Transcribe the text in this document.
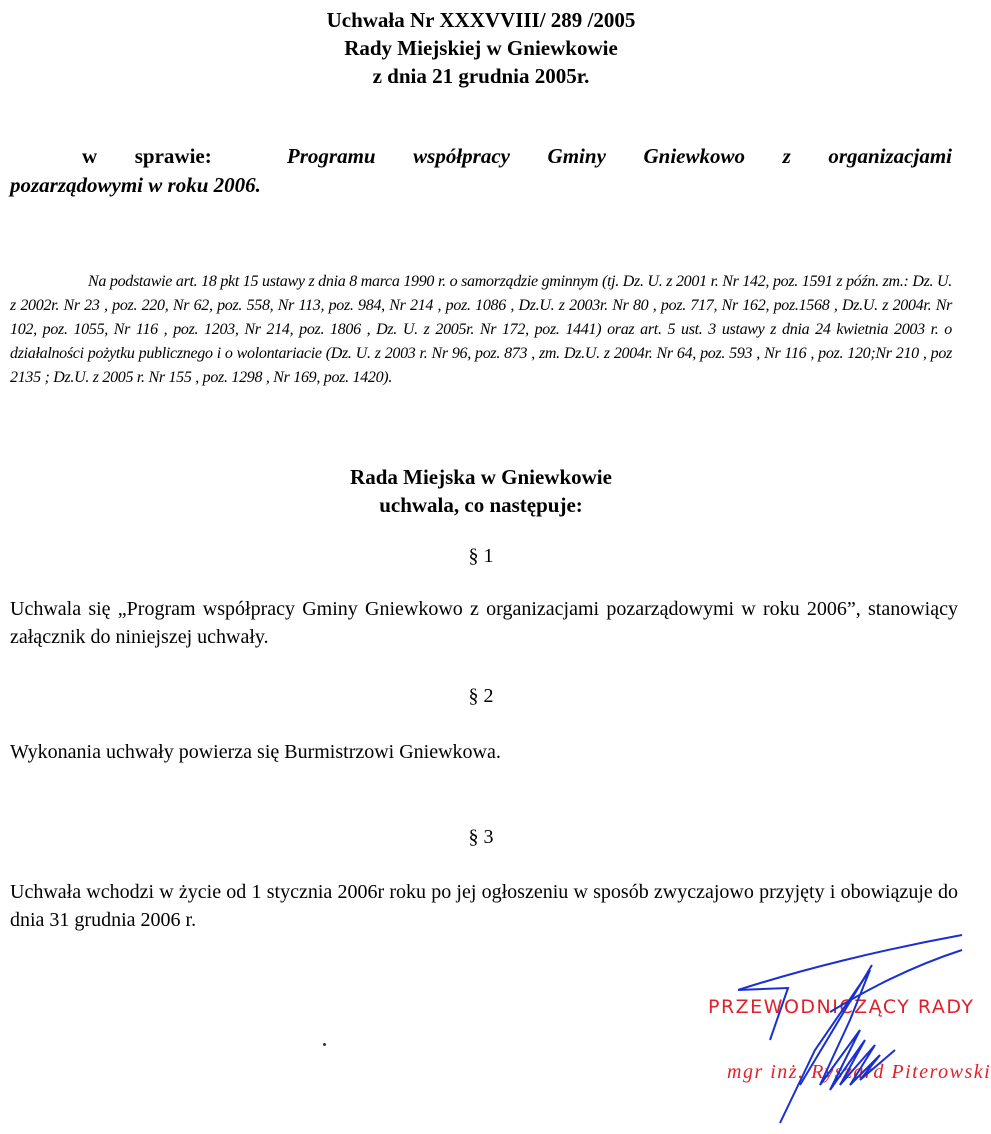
Uchwała Nr XXXVVIII/ 289 /2005
Rady Miejskiej w Gniewkowie
z dnia 21 grudnia 2005r.
w sprawie:	Programu współpracy Gminy Gniewkowo z organizacjami
pozarządowymi w roku 2006.
Na podstawie art. 18 pkt 15 ustawy z dnia 8 marca 1990 r. o samorządzie gminnym (tj. Dz. U. z 2001 r. Nr 142, poz. 1591 z późn. zm.: Dz. U. z 2002r. Nr 23 , poz. 220, Nr 62, poz. 558, Nr 113, poz. 984, Nr 214 , poz. 1086 , Dz.U. z 2003r. Nr 80 , poz. 717, Nr 162, poz.1568 , Dz.U. z 2004r. Nr 102, poz. 1055, Nr 116 , poz. 1203, Nr 214, poz. 1806 , Dz. U. z 2005r. Nr 172, poz. 1441) oraz art. 5 ust. 3 ustawy z dnia 24 kwietnia 2003 r. o działalności pożytku publicznego i o wolontariacie (Dz. U. z 2003 r. Nr 96, poz. 873 , zm. Dz.U. z 2004r. Nr 64, poz. 593 , Nr 116 , poz. 120;Nr 210 , poz 2135 ; Dz.U. z 2005 r. Nr 155 , poz. 1298 , Nr 169, poz. 1420).
Rada Miejska w Gniewkowie
uchwala, co następuje:
§ 1
Uchwala się „Program współpracy Gminy Gniewkowo z organizacjami pozarządowymi w roku 2006”, stanowiący załącznik do niniejszej uchwały.
§ 2
Wykonania uchwały powierza się Burmistrzowi Gniewkowa.
§ 3
Uchwała wchodzi w życie od 1 stycznia 2006r roku po jej ogłoszeniu w sposób zwyczajowo przyjęty i obowiązuje do dnia 31 grudnia 2006 r.
PRZEWODNICZĄCY RADY
mgr inż. Ryszard Piterowski
